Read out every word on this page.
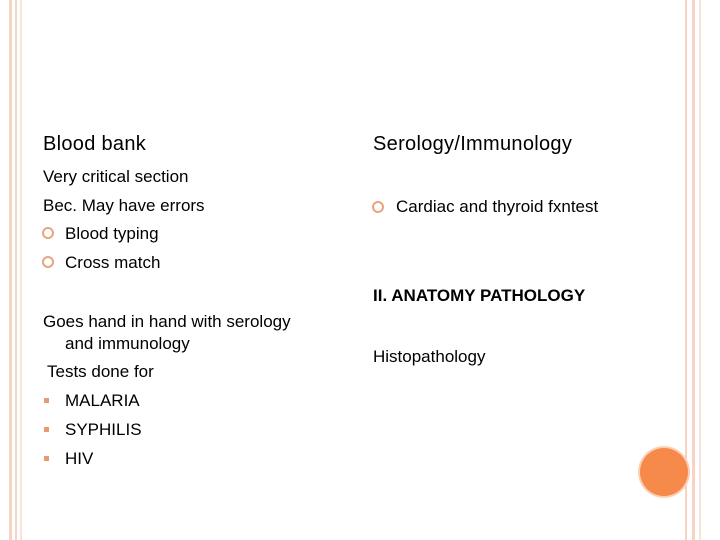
Blood bank
Very critical section
Bec. May have errors
Blood typing
Cross match
Goes hand in hand with serology
and immunology
Tests done for
MALARIA
SYPHILIS
HIV
Serology/Immunology
Cardiac and thyroid fxntest
II. ANATOMY PATHOLOGY
Histopathology
